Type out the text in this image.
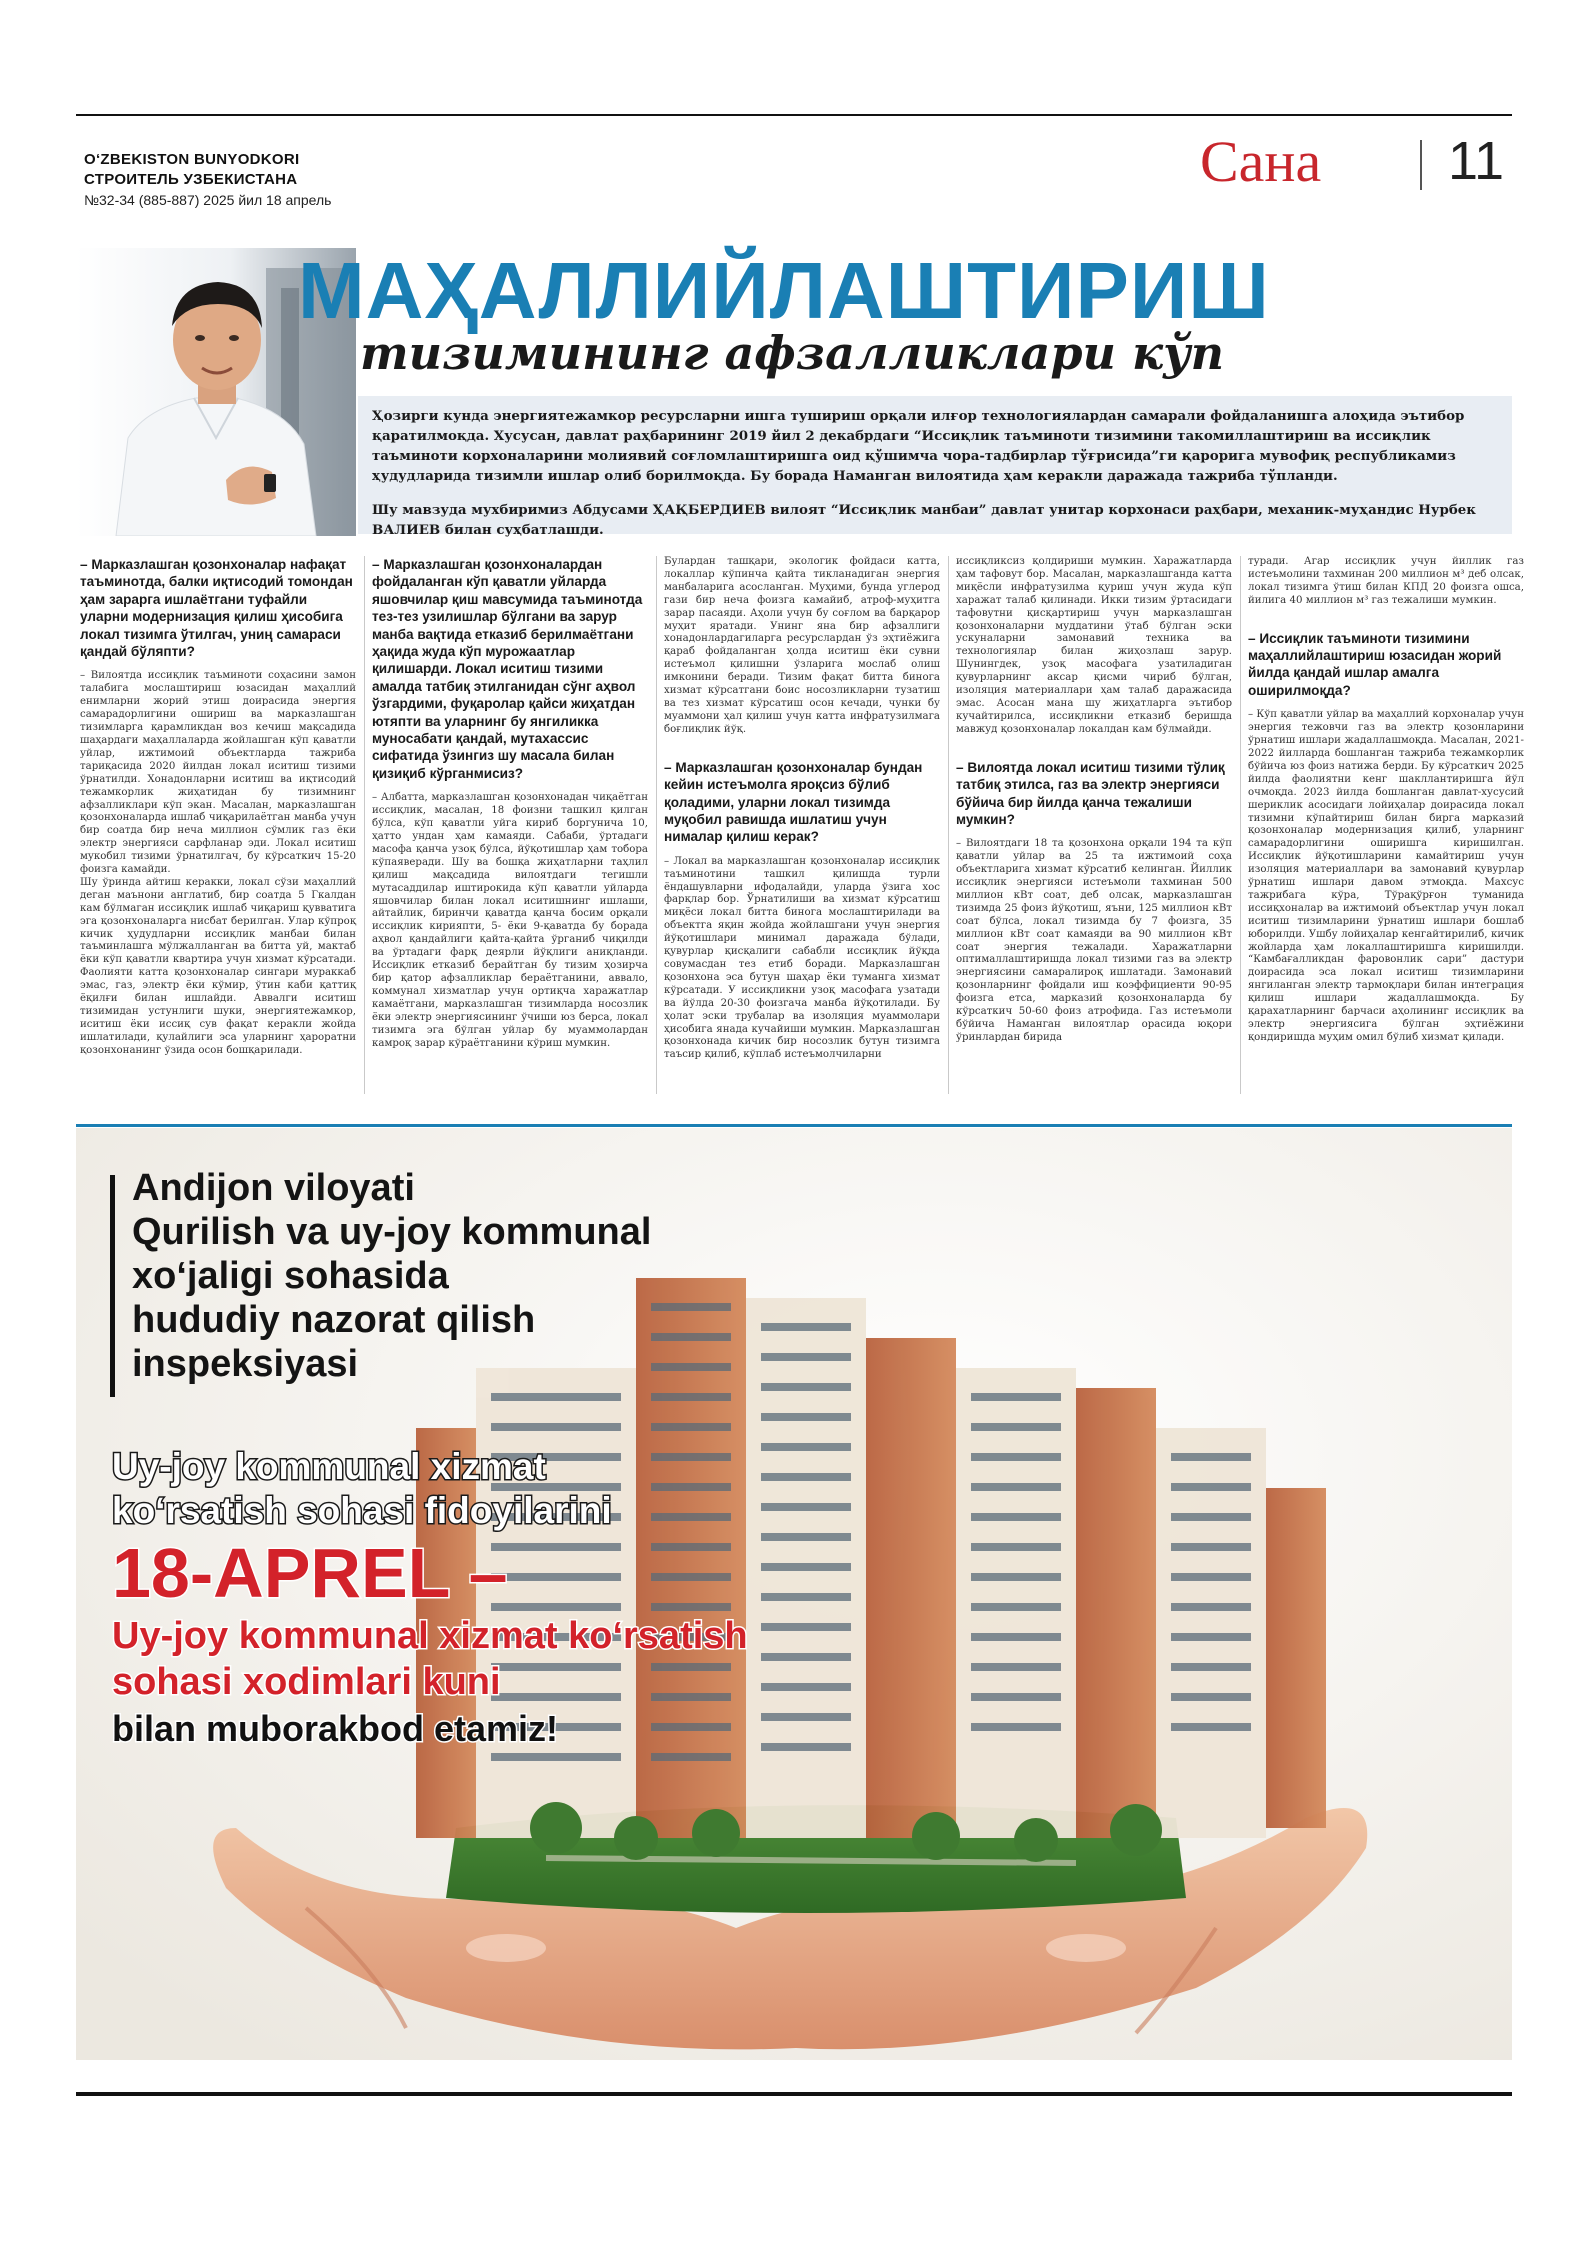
O‘ZBEKISTON BUNYODKORI
СТРОИТЕЛЬ УЗБЕКИСТАНА
№32-34 (885-887) 2025 йил 18 апрель
Сана 11
МАҲАЛЛИЙЛАШТИРИШ
тизимининг афзалликлари кўп

Ҳозирги кунда энергиятежамкор ресурсларни ишга тушириш орқали илғор технологиялардан самарали фойдаланишга алоҳида эътибор қаратилмоқда. Хусусан, давлат раҳбарининг 2019 йил 2 декабрдаги “Иссиқлик таъминоти тизимини такомиллаштириш ва иссиқлик таъминоти корхоналарини молиявий соғломлаштиришга оид қўшимча чора-тадбирлар тўғрисида”ги қарорига мувофиқ республикамиз ҳудудларида тизимли ишлар олиб борилмоқда. Бу борада Наманган вилоятида ҳам керакли даражада тажриба тўпланди.

Шу мавзуда мухбиримиз Абдусами ҲАҚБЕРДИЕВ вилоят “Иссиқлик манбаи” давлат унитар корхонаси раҳбари, механик-муҳандис Нурбек ВАЛИЕВ билан суҳбатлашди.

– Марказлашган қозонхоналар нафақат таъминотда, балки иқтисодий томондан ҳам зарарга ишлаётгани туфайли уларни модернизация қилиш ҳисобига локал тизимга ўтилгач, униң самараси қандай бўляпти?

– Вилоятда иссиқлик таъминоти соҳасини замон талабига мослаштириш юзасидан маҳаллий енимларни жорий этиш доирасида энергия самарадорлигини ошириш ва марказлашган тизимларга қарамликдан воз кечиш мақсадида шаҳардаги маҳаллаларда жойлашган кўп қаватли уйлар, ижтимоий объектларда тажриба тариқасида 2020 йилдан локал иситиш тизими ўрнатилди. Хонадонларни иситиш ва иқтисодий тежамкорлик жиҳатидан бу тизимнинг афзалликлари кўп экан. Масалан, марказлашган қозонхоналарда ишлаб чиқарилаётган манба учун бир соатда бир неча миллион сўмлик газ ёки электр энергияси сарфланар эди. Локал иситиш мукобил тизими ўрнатилгач, бу кўрсаткич 15-20 фоизга камайди.

Шу ўринда айтиш керакки, локал сўзи маҳаллий деган маънони англатиб, бир соатда 5 Гкалдан кам бўлмаган иссиқлик ишлаб чиқариш қувватига эга қозонхоналарга нисбат берилган. Улар кўпроқ кичик ҳудудларни иссиқлик манбаи билан таъминлашга мўлжалланган ва битта уй, мактаб ёки кўп қаватли квартира учун хизмат кўрсатади. Фаолияти катта қозонхоналар сингари мураккаб эмас, газ, электр ёки кўмир, ўтин каби қаттиқ ёқилғи билан ишлайди. Аввалги иситиш тизимидан устунлиги шуки, энергиятежамкор, иситиш ёки иссиқ сув фақат керакли жойда ишлатилади, қулайлиги эса уларнинг ҳароратни қозонхонанинг ўзида осон бошқарилади.

– Марказлашган қозонхоналардан фойдаланган кўп қаватли уйларда яшовчилар қиш мавсумида таъминотда тез-тез узилишлар бўлгани ва зарур манба вақтида етказиб берилмаётгани ҳақида жуда кўп мурожаатлар қилишарди. Локал иситиш тизими амалда татбиқ этилганидан сўнг аҳвол ўзгардими, фуқаролар қайси жиҳатдан ютяпти ва уларнинг бу янгиликка муносабати қандай, мутахассис сифатида ўзингиз шу масала билан қизиқиб кўрганмисиз?

– Албатта, марказлашган қозонхонадан чиқаётган иссиқлик, масалан, 18 фоизни ташкил қилган бўлса, кўп қаватли уйга кириб боргунича 10, ҳатто ундан ҳам камаяди. Сабаби, ўртадаги масофа қанча узоқ бўлса, йўқотишлар ҳам тобора кўпаяверади. Шу ва бошқа жиҳатларни таҳлил қилиш мақсадида вилоятдаги тегишли мутасаддилар иштирокида кўп қаватли уйларда яшовчилар билан локал иситишнинг ишлаши, айтайлик, биринчи қаватда қанча босим орқали иссиқлик кирияпти, 5- ёки 9-қаватда бу борада аҳвол қандайлиги қайта-қайта ўрганиб чиқилди ва ўртадаги фарқ деярли йўқлиги аниқланди. Иссиқлик етказиб берайтган бу тизим ҳозирча бир қатор афзалликлар бераётганини, аввало, коммунал хизматлар учун ортиқча харажатлар камаётгани, марказлашган тизимларда носозлик ёки электр энергиясининг ўчиши юз берса, локал тизимга эга бўлган уйлар бу муаммолардан камроқ зарар кўраётганини кўриш мумкин.

Булардан ташқари, экологик фойдаси катта, локаллар кўпинча қайта тикланадиган энергия манбаларига асосланган. Муҳими, бунда углерод гази бир неча фоизга камайиб, атроф-муҳитга зарар пасаяди. Аҳоли учун бу соғлом ва барқарор муҳит яратади. Унинг яна бир афзаллиги хонадонлардагиларга ресурслардан ўз эҳтиёжига қараб фойдаланган ҳолда иситиш ёки сувни истеъмол қилишни ўзларига мослаб олиш имконини беради. Тизим фақат битта бинога хизмат кўрсатгани боис носозликларни тузатиш ва тез хизмат кўрсатиш осон кечади, чунки бу муаммони ҳал қилиш учун катта инфратузилмага боғлиқлик йўқ.

– Марказлашган қозонхоналар бундан кейин истеъмолга яроқсиз бўлиб қоладими, уларни локал тизимда муқобил равишда ишлатиш учун нималар қилиш керак?

– Локал ва марказлашган қозонхоналар иссиқлик таъминотини ташкил қилишда турли ёндашувларни ифодалайди, уларда ўзига хос фарқлар бор. Ўрнатилиши ва хизмат кўрсатиш миқёси локал битта бинога мослаштирилади ва объектга яқин жойда жойлашгани учун энергия йўқотишлари минимал даражада бўлади, қувурлар қисқалиги сабабли иссиқлик йўқда совумасдан тез етиб боради. Марказлашган қозонхона эса бутун шаҳар ёки туманга хизмат кўрсатади. У иссиқликни узоқ масофага узатади ва йўлда 20-30 фоизгача манба йўқотилади. Бу ҳолат эски трубалар ва изоляция муаммолари ҳисобига янада кучайиши мумкин. Марказлашган қозонхонада кичик бир носозлик бутун тизимга таъсир қилиб, кўплаб истеъмолчиларни

иссиқликсиз қолдириши мумкин. Харажатларда ҳам тафовут бор. Масалан, марказлашганда катта миқёсли инфратузилма қуриш учун жуда кўп харажат талаб қилинади. Икки тизим ўртасидаги тафовутни қисқартириш учун марказлашган қозонхоналарни муддатини ўтаб бўлган эски ускуналарни замонавий техника ва технологиялар билан жиҳозлаш зарур. Шунингдек, узоқ масофага узатиладиган қувурларнинг аксар қисми чириб бўлган, изоляция материаллари ҳам талаб даражасида эмас. Асосан мана шу жиҳатларга эътибор кучайтирилса, иссиқликни етказиб беришда мавжуд қозонхоналар локалдан кам бўлмайди.

– Вилоятда локал иситиш тизими тўлиқ татбиқ этилса, газ ва электр энергияси бўйича бир йилда қанча тежалиши мумкин?

– Вилоятдаги 18 та қозонхона орқали 194 та кўп қаватли уйлар ва 25 та ижтимоий соҳа объектларига хизмат кўрсатиб келинган. Йиллик иссиқлик энергияси истеъмоли тахминан 500 миллион кВт соат, деб олсак, марказлашган тизимда 25 фоиз йўқотиш, яъни, 125 миллион кВт соат бўлса, локал тизимда бу 7 фоизга, 35 миллион кВт соат камаяди ва 90 миллион кВт соат энергия тежалади. Харажатларни оптималлаштиришда локал тизими газ ва электр энергиясини самаралироқ ишлатади. Замонавий қозонларнинг фойдали иш коэффициенти 90-95 фоизга етса, марказий қозонхоналарда бу кўрсаткич 50-60 фоиз атрофида. Газ истеъмоли бўйича Наманган вилоятлар орасида юқори ўринлардан бирида

туради. Агар иссиқлик учун йиллик газ истеъмолини тахминан 200 миллион м³ деб олсак, локал тизимга ўтиш билан КПД 20 фоизга ошса, йилига 40 миллион м³ газ тежалиши мумкин.

– Иссиқлик таъминоти тизимини маҳаллийлаштириш юзасидан жорий йилда қандай ишлар амалга оширилмоқда?

– Кўп қаватли уйлар ва маҳаллий корхоналар учун энергия тежовчи газ ва электр қозонларини ўрнатиш ишлари жадаллашмоқда. Масалан, 2021-2022 йилларда бошланган тажриба тежамкорлик бўйича юз фоиз натижа берди. Бу кўрсаткич 2025 йилда фаолиятни кенг шакллантиришга йўл очмоқда. 2023 йилда бошланган давлат-хусусий шериклик асосидаги лойиҳалар доирасида локал тизимни кўпайтириш билан бирга марказий қозонхоналар модернизация қилиб, уларнинг самарадорлигини оширишга киришилган. Иссиқлик йўқотишларини камайтириш учун изоляция материаллари ва замонавий қувурлар ўрнатиш ишлари давом этмоқда. Махсус тажрибага кўра, Тўрақўрғон туманида иссиқхоналар ва ижтимоий объектлар учун локал иситиш тизимларини ўрнатиш ишлари бошлаб юборилди. Ушбу лойиҳалар кенгайтирилиб, кичик жойларда ҳам локаллаштиришга киришилди. “Камбағалликдан фаровонлик сари” дастури доирасида эса локал иситиш тизимларини янгиланган электр тармоқлари билан интеграция қилиш ишлари жадаллашмоқда. Бу қарахатларнинг барчаси аҳолининг иссиқлик ва электр энергиясига бўлган эҳтиёжини қондиришда муҳим омил бўлиб хизмат қилади.

Andijon viloyati
Qurilish va uy-joy kommunal
xo‘jaligi sohasida
hududiy nazorat qilish
inspeksiyasi
Uy-joy kommunal xizmat
ko‘rsatish sohasi fidoyilarini
18-APREL –
Uy-joy kommunal xizmat ko‘rsatish
sohasi xodimlari kuni
bilan muborakbod etamiz!
